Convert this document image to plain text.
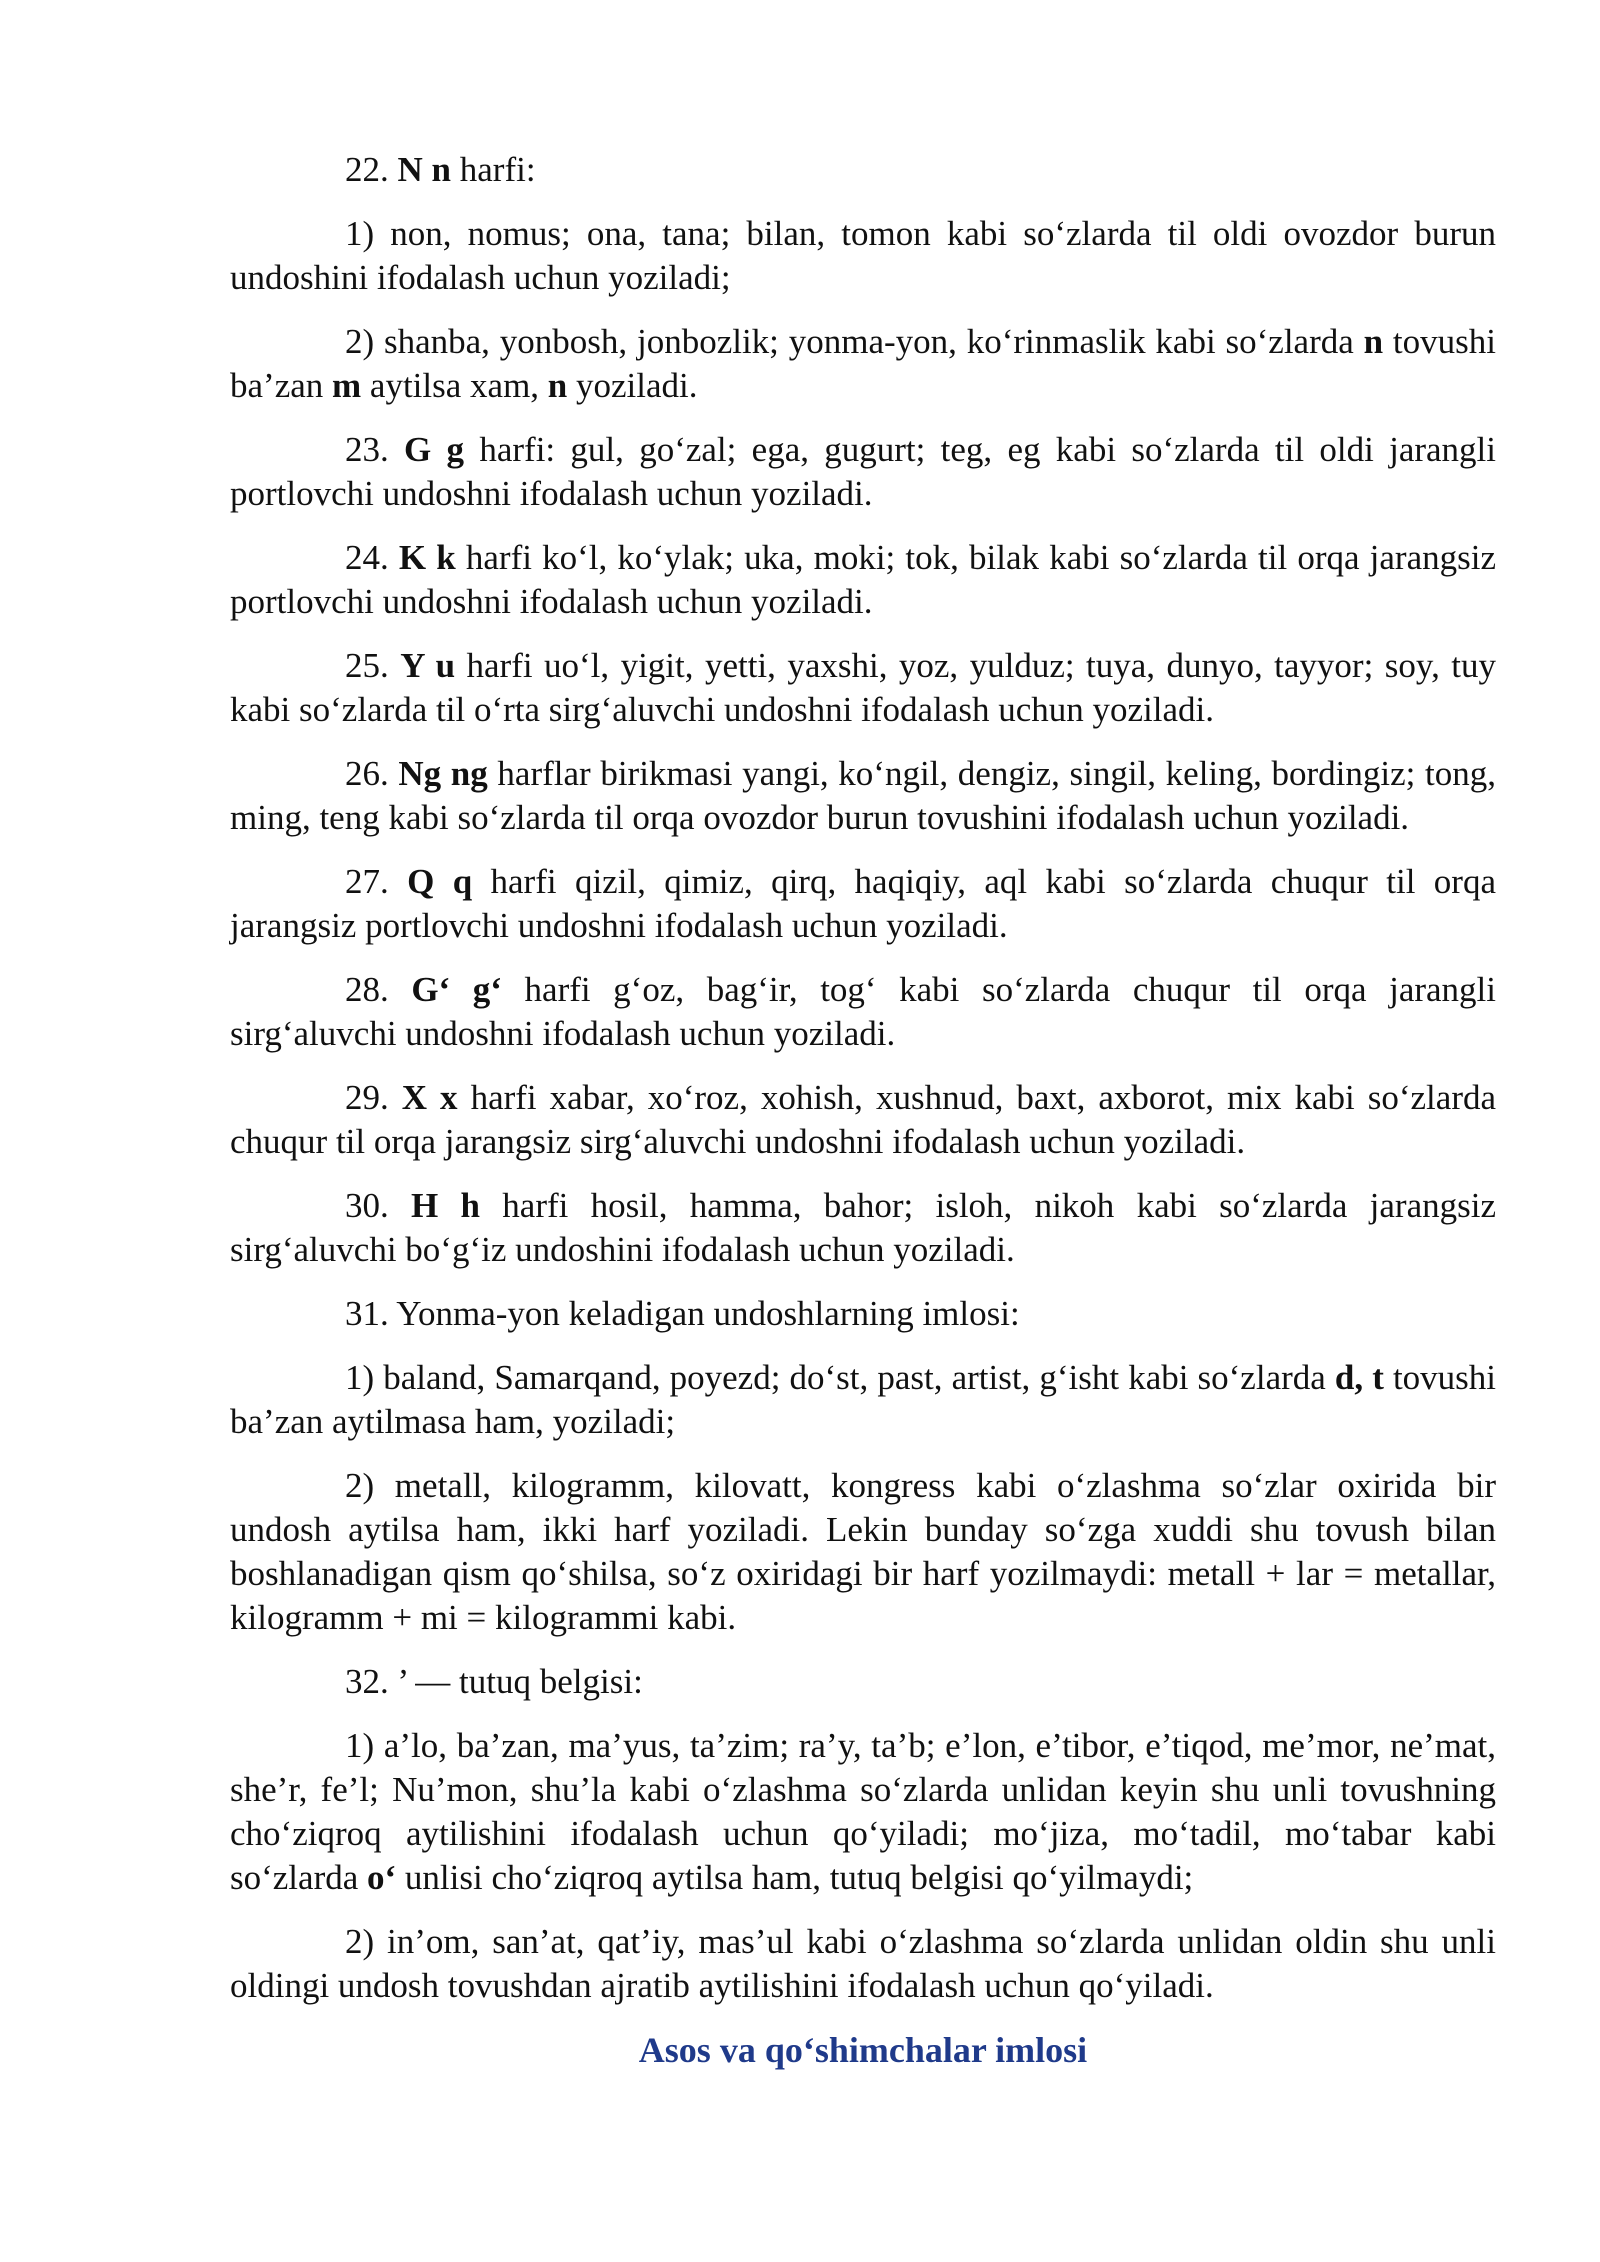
22. N n harfi:

1) non, nomus; ona, tana; bilan, tomon kabi so‘zlarda til oldi ovozdor burun undoshini ifodalash uchun yoziladi;

2) shanba, yonbosh, jonbozlik; yonma-yon, ko‘rinmaslik kabi so‘zlarda n tovushi ba’zan m aytilsa xam, n yoziladi.

23. G g harfi: gul, go‘zal; ega, gugurt; teg, eg kabi so‘zlarda til oldi jarangli portlovchi undoshni ifodalash uchun yoziladi.

24. K k harfi ko‘l, ko‘ylak; uka, moki; tok, bilak kabi so‘zlarda til orqa jarangsiz portlovchi undoshni ifodalash uchun yoziladi.

25. Y u harfi uo‘l, yigit, yetti, yaxshi, yoz, yulduz; tuya, dunyo, tayyor; soy, tuy kabi so‘zlarda til o‘rta sirg‘aluvchi undoshni ifodalash uchun yoziladi.

26. Ng ng harflar birikmasi yangi, ko‘ngil, dengiz, singil, keling, bordingiz; tong, ming, teng kabi so‘zlarda til orqa ovozdor burun tovushini ifodalash uchun yoziladi.

27. Q q harfi qizil, qimiz, qirq, haqiqiy, aql kabi so‘zlarda chuqur til orqa jarangsiz portlovchi undoshni ifodalash uchun yoziladi.

28. G‘ g‘ harfi g‘oz, bag‘ir, tog‘ kabi so‘zlarda chuqur til orqa jarangli sirg‘aluvchi undoshni ifodalash uchun yoziladi.

29. X x harfi xabar, xo‘roz, xohish, xushnud, baxt, axborot, mix kabi so‘zlarda chuqur til orqa jarangsiz sirg‘aluvchi undoshni ifodalash uchun yoziladi.

30. H h harfi hosil, hamma, bahor; isloh, nikoh kabi so‘zlarda jarangsiz sirg‘aluvchi bo‘g‘iz undoshini ifodalash uchun yoziladi.

31. Yonma-yon keladigan undoshlarning imlosi:

1) baland, Samarqand, poyezd; do‘st, past, artist, g‘isht kabi so‘zlarda d, t tovushi ba’zan aytilmasa ham, yoziladi;

2) metall, kilogramm, kilovatt, kongress kabi o‘zlashma so‘zlar oxirida bir undosh aytilsa ham, ikki harf yoziladi. Lekin bunday so‘zga xuddi shu tovush bilan boshlanadigan qism qo‘shilsa, so‘z oxiridagi bir harf yozilmaydi: metall + lar = metallar, kilogramm + mi = kilogrammi kabi.

32. ’ — tutuq belgisi:

1) a’lo, ba’zan, ma’yus, ta’zim; ra’y, ta’b; e’lon, e’tibor, e’tiqod, me’mor, ne’mat, she’r, fe’l; Nu’mon, shu’la kabi o‘zlashma so‘zlarda unlidan keyin shu unli tovushning cho‘ziqroq aytilishini ifodalash uchun qo‘yiladi; mo‘jiza, mo‘tadil, mo‘tabar kabi so‘zlarda o‘ unlisi cho‘ziqroq aytilsa ham, tutuq belgisi qo‘yilmaydi;

2) in’om, san’at, qat’iy, mas’ul kabi o‘zlashma so‘zlarda unlidan oldin shu unli oldingi undosh tovushdan ajratib aytilishini ifodalash uchun qo‘yiladi.

Asos va qo‘shimchalar imlosi
